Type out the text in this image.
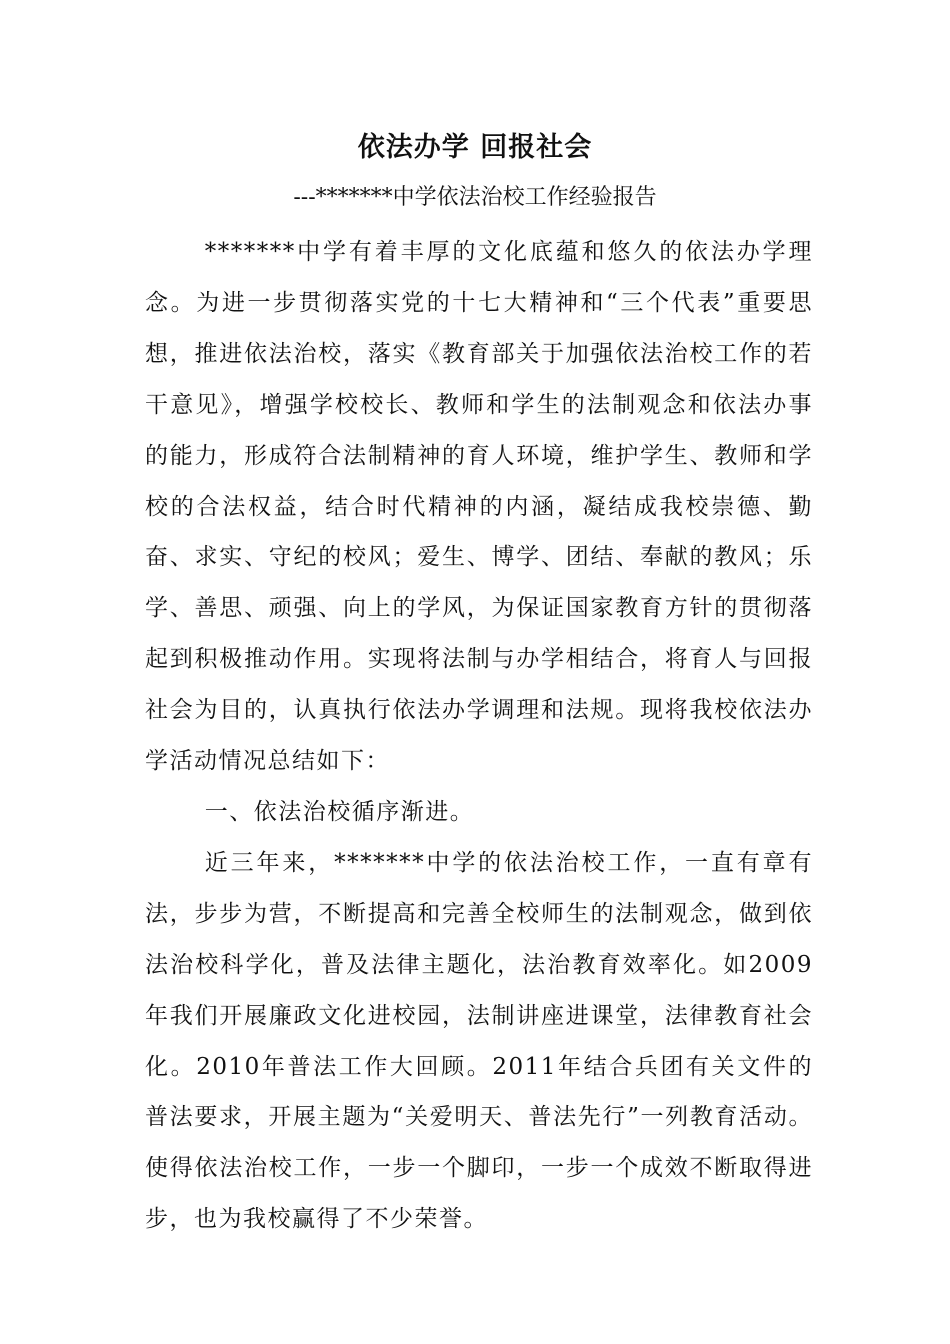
依法办学 回报社会
---*******中学依法治校工作经验报告

*******中学有着丰厚的文化底蕴和悠久的依法办学理念。为进一步贯彻落实党的十七大精神和“三个代表”重要思想，推进依法治校，落实《教育部关于加强依法治校工作的若干意见》，增强学校校长、教师和学生的法制观念和依法办事的能力，形成符合法制精神的育人环境，维护学生、教师和学校的合法权益，结合时代精神的内涵，凝结成我校崇德、勤奋、求实、守纪的校风；爱生、博学、团结、奉献的教风；乐学、善思、顽强、向上的学风，为保证国家教育方针的贯彻落起到积极推动作用。实现将法制与办学相结合，将育人与回报社会为目的，认真执行依法办学调理和法规。现将我校依法办学活动情况总结如下：

一、依法治校循序渐进。

近三年来，*******中学的依法治校工作，一直有章有法，步步为营，不断提高和完善全校师生的法制观念，做到依法治校科学化，普及法律主题化，法治教育效率化。如2009年我们开展廉政文化进校园，法制讲座进课堂，法律教育社会化。2010年普法工作大回顾。2011年结合兵团有关文件的普法要求，开展主题为“关爱明天、普法先行”一列教育活动。使得依法治校工作，一步一个脚印，一步一个成效不断取得进步，也为我校赢得了不少荣誉。
